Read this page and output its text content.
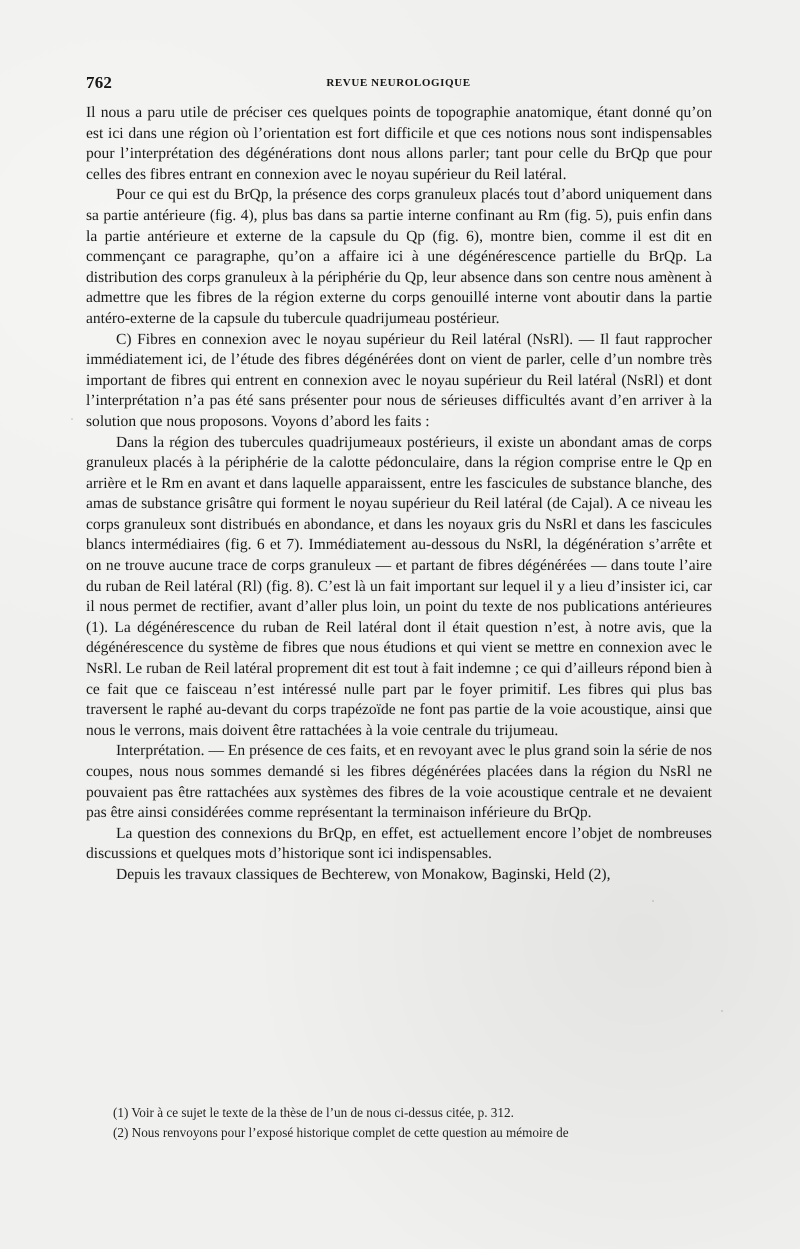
762	REVUE NEUROLOGIQUE

Il nous a paru utile de préciser ces quelques points de topographie anatomique, étant donné qu’on est ici dans une région où l’orientation est fort difficile et que ces notions nous sont indispensables pour l’interprétation des dégénérations dont nous allons parler; tant pour celle du BrQp que pour celles des fibres entrant en connexion avec le noyau supérieur du Reil latéral.

Pour ce qui est du BrQp, la présence des corps granuleux placés tout d’abord uniquement dans sa partie antérieure (fig. 4), plus bas dans sa partie interne confinant au Rm (fig. 5), puis enfin dans la partie antérieure et externe de la capsule du Qp (fig. 6), montre bien, comme il est dit en commençant ce paragraphe, qu’on a affaire ici à une dégénérescence partielle du BrQp. La distribution des corps granuleux à la périphérie du Qp, leur absence dans son centre nous amènent à admettre que les fibres de la région externe du corps genouillé interne vont aboutir dans la partie antéro-externe de la capsule du tubercule quadrijumeau postérieur.

C) Fibres en connexion avec le noyau supérieur du Reil latéral (NsRl). — Il faut rapprocher immédiatement ici, de l’étude des fibres dégénérées dont on vient de parler, celle d’un nombre très important de fibres qui entrent en connexion avec le noyau supérieur du Reil latéral (NsRl) et dont l’interprétation n’a pas été sans présenter pour nous de sérieuses difficultés avant d’en arriver à la solution que nous proposons. Voyons d’abord les faits :

Dans la région des tubercules quadrijumeaux postérieurs, il existe un abondant amas de corps granuleux placés à la périphérie de la calotte pédonculaire, dans la région comprise entre le Qp en arrière et le Rm en avant et dans laquelle apparaissent, entre les fascicules de substance blanche, des amas de substance grisâtre qui forment le noyau supérieur du Reil latéral (de Cajal). A ce niveau les corps granuleux sont distribués en abondance, et dans les noyaux gris du NsRl et dans les fascicules blancs intermédiaires (fig. 6 et 7). Immédiatement au-dessous du NsRl, la dégénération s’arrête et on ne trouve aucune trace de corps granuleux — et partant de fibres dégénérées — dans toute l’aire du ruban de Reil latéral (Rl) (fig. 8). C’est là un fait important sur lequel il y a lieu d’insister ici, car il nous permet de rectifier, avant d’aller plus loin, un point du texte de nos publications antérieures (1). La dégénérescence du ruban de Reil latéral dont il était question n’est, à notre avis, que la dégénérescence du système de fibres que nous étudions et qui vient se mettre en connexion avec le NsRl. Le ruban de Reil latéral proprement dit est tout à fait indemne ; ce qui d’ailleurs répond bien à ce fait que ce faisceau n’est intéressé nulle part par le foyer primitif. Les fibres qui plus bas traversent le raphé au-devant du corps trapézoïde ne font pas partie de la voie acoustique, ainsi que nous le verrons, mais doivent être rattachées à la voie centrale du trijumeau.

Interprétation. — En présence de ces faits, et en revoyant avec le plus grand soin la série de nos coupes, nous nous sommes demandé si les fibres dégénérées placées dans la région du NsRl ne pouvaient pas être rattachées aux systèmes des fibres de la voie acoustique centrale et ne devaient pas être ainsi considérées comme représentant la terminaison inférieure du BrQp.

La question des connexions du BrQp, en effet, est actuellement encore l’objet de nombreuses discussions et quelques mots d’historique sont ici indispensables.

Depuis les travaux classiques de Bechterew, von Monakow, Baginski, Held (2),

(1) Voir à ce sujet le texte de la thèse de l’un de nous ci-dessus citée, p. 312.
(2) Nous renvoyons pour l’exposé historique complet de cette question au mémoire de
